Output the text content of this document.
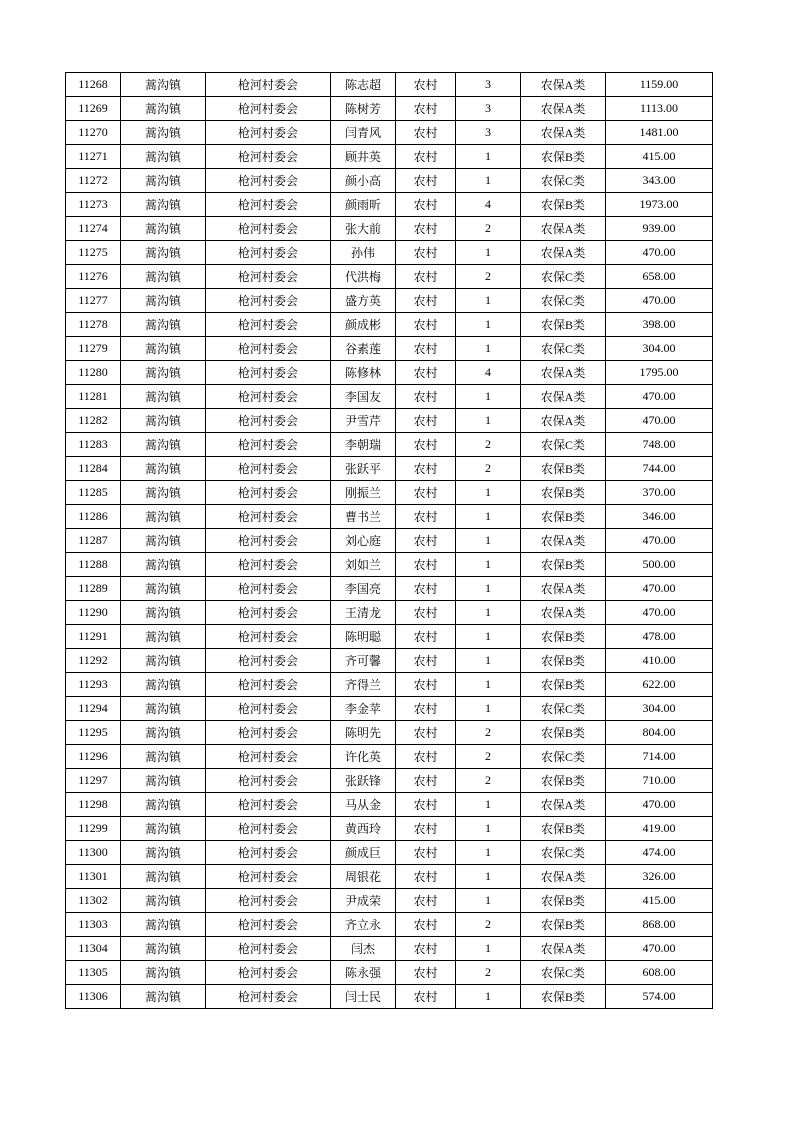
11268	蒿沟镇	枪河村委会	陈志超	农村	3	农保A类	1159.00
11269	蒿沟镇	枪河村委会	陈树芳	农村	3	农保A类	1113.00
11270	蒿沟镇	枪河村委会	闫青风	农村	3	农保A类	1481.00
11271	蒿沟镇	枪河村委会	顾井英	农村	1	农保B类	415.00
11272	蒿沟镇	枪河村委会	颜小高	农村	1	农保C类	343.00
11273	蒿沟镇	枪河村委会	颜雨昕	农村	4	农保B类	1973.00
11274	蒿沟镇	枪河村委会	张大前	农村	2	农保A类	939.00
11275	蒿沟镇	枪河村委会	孙伟	农村	1	农保A类	470.00
11276	蒿沟镇	枪河村委会	代洪梅	农村	2	农保C类	658.00
11277	蒿沟镇	枪河村委会	盛方英	农村	1	农保C类	470.00
11278	蒿沟镇	枪河村委会	颜成彬	农村	1	农保B类	398.00
11279	蒿沟镇	枪河村委会	谷素莲	农村	1	农保C类	304.00
11280	蒿沟镇	枪河村委会	陈修林	农村	4	农保A类	1795.00
11281	蒿沟镇	枪河村委会	李国友	农村	1	农保A类	470.00
11282	蒿沟镇	枪河村委会	尹雪芹	农村	1	农保A类	470.00
11283	蒿沟镇	枪河村委会	李朝瑞	农村	2	农保C类	748.00
11284	蒿沟镇	枪河村委会	张跃平	农村	2	农保B类	744.00
11285	蒿沟镇	枪河村委会	刚振兰	农村	1	农保B类	370.00
11286	蒿沟镇	枪河村委会	曹书兰	农村	1	农保B类	346.00
11287	蒿沟镇	枪河村委会	刘心庭	农村	1	农保A类	470.00
11288	蒿沟镇	枪河村委会	刘如兰	农村	1	农保B类	500.00
11289	蒿沟镇	枪河村委会	李国亮	农村	1	农保A类	470.00
11290	蒿沟镇	枪河村委会	王清龙	农村	1	农保A类	470.00
11291	蒿沟镇	枪河村委会	陈明聪	农村	1	农保B类	478.00
11292	蒿沟镇	枪河村委会	齐可馨	农村	1	农保B类	410.00
11293	蒿沟镇	枪河村委会	齐得兰	农村	1	农保B类	622.00
11294	蒿沟镇	枪河村委会	李金苹	农村	1	农保C类	304.00
11295	蒿沟镇	枪河村委会	陈明先	农村	2	农保B类	804.00
11296	蒿沟镇	枪河村委会	许化英	农村	2	农保C类	714.00
11297	蒿沟镇	枪河村委会	张跃锋	农村	2	农保B类	710.00
11298	蒿沟镇	枪河村委会	马从金	农村	1	农保A类	470.00
11299	蒿沟镇	枪河村委会	黄西玲	农村	1	农保B类	419.00
11300	蒿沟镇	枪河村委会	颜成巨	农村	1	农保C类	474.00
11301	蒿沟镇	枪河村委会	周银花	农村	1	农保A类	326.00
11302	蒿沟镇	枪河村委会	尹成荣	农村	1	农保B类	415.00
11303	蒿沟镇	枪河村委会	齐立永	农村	2	农保B类	868.00
11304	蒿沟镇	枪河村委会	闫杰	农村	1	农保A类	470.00
11305	蒿沟镇	枪河村委会	陈永强	农村	2	农保C类	608.00
11306	蒿沟镇	枪河村委会	闫士民	农村	1	农保B类	574.00
